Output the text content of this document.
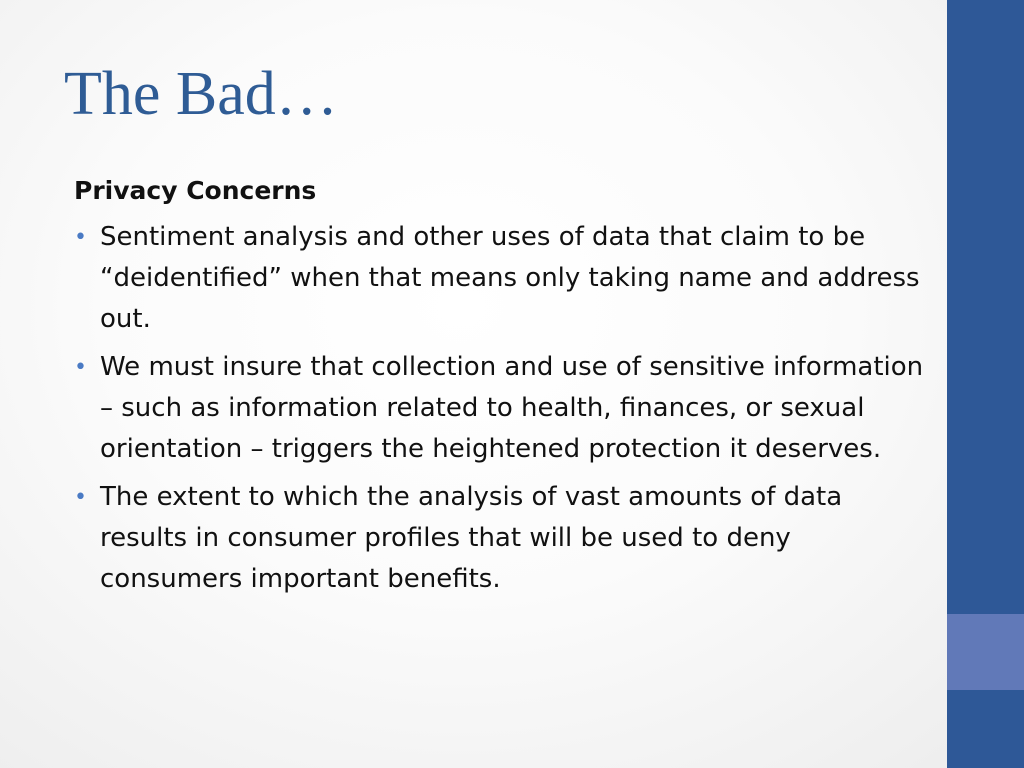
The Bad…

Privacy Concerns

• Sentiment analysis and other uses of data that claim to be “deidentified” when that means only taking name and address out.
• We must insure that collection and use of sensitive information – such as information related to health, finances, or sexual orientation – triggers the heightened protection it deserves.
• The extent to which the analysis of vast amounts of data results in consumer profiles that will be used to deny consumers important benefits.
